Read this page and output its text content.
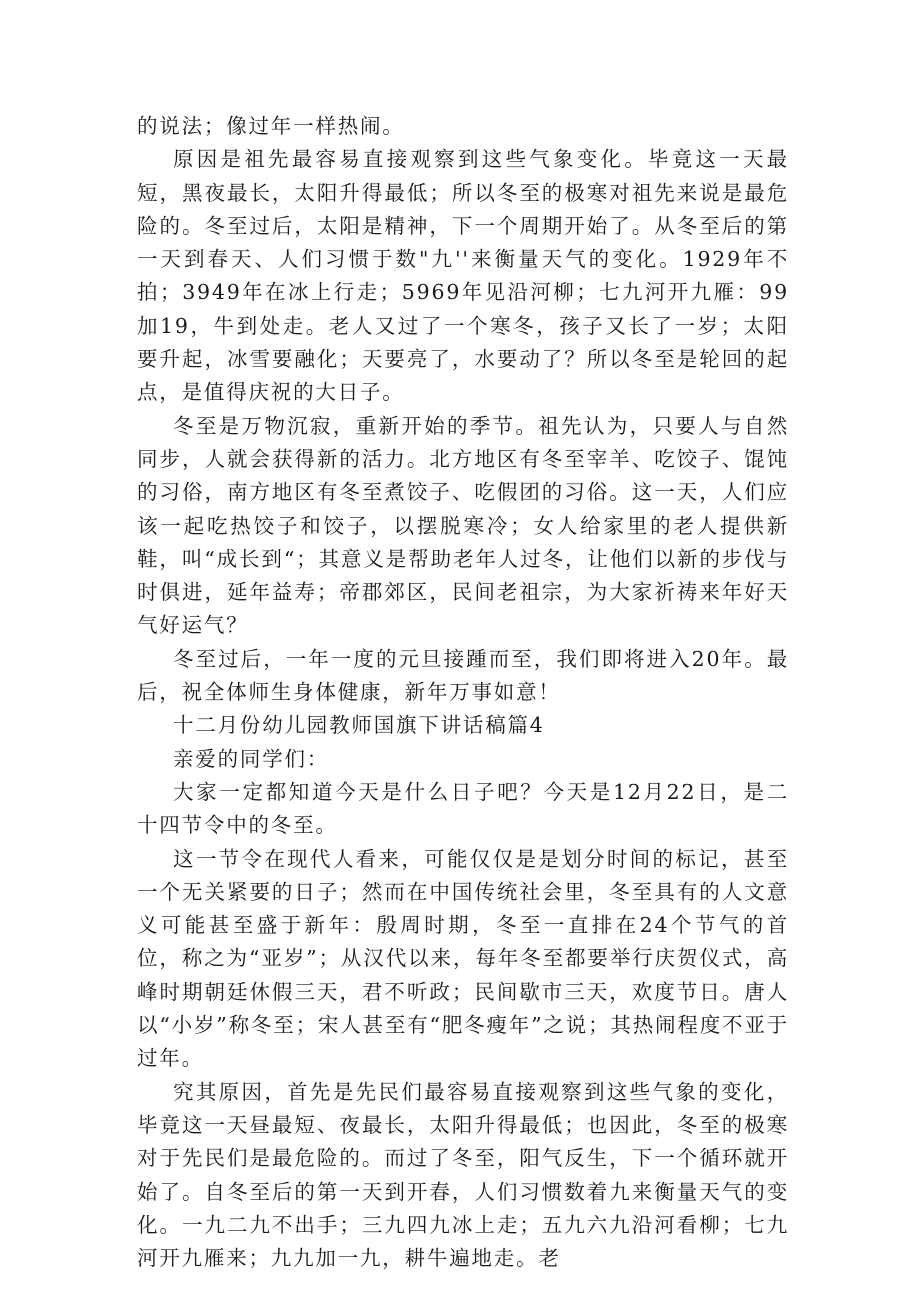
的说法；像过年一样热闹。

原因是祖先最容易直接观察到这些气象变化。毕竟这一天最短，黑夜最长，太阳升得最低；所以冬至的极寒对祖先来说是最危险的。冬至过后，太阳是精神，下一个周期开始了。从冬至后的第一天到春天、人们习惯于数"九''来衡量天气的变化。1929年不拍；3949年在冰上行走；5969年见沿河柳；七九河开九雁：99加19，牛到处走。老人又过了一个寒冬，孩子又长了一岁；太阳要升起，冰雪要融化；天要亮了，水要动了？所以冬至是轮回的起点，是值得庆祝的大日子。

冬至是万物沉寂，重新开始的季节。祖先认为，只要人与自然同步，人就会获得新的活力。北方地区有冬至宰羊、吃饺子、馄饨的习俗，南方地区有冬至煮饺子、吃假团的习俗。这一天，人们应该一起吃热饺子和饺子，以摆脱寒冷；女人给家里的老人提供新鞋，叫“成长到“；其意义是帮助老年人过冬，让他们以新的步伐与时俱进，延年益寿；帝郡郊区，民间老祖宗，为大家祈祷来年好天气好运气？

冬至过后，一年一度的元旦接踵而至，我们即将进入20年。最后，祝全体师生身体健康，新年万事如意！

十二月份幼儿园教师国旗下讲话稿篇4

亲爱的同学们：

大家一定都知道今天是什么日子吧？今天是12月22日，是二十四节令中的冬至。

这一节令在现代人看来，可能仅仅是是划分时间的标记，甚至一个无关紧要的日子；然而在中国传统社会里，冬至具有的人文意义可能甚至盛于新年：殷周时期，冬至一直排在24个节气的首位，称之为“亚岁”；从汉代以来，每年冬至都要举行庆贺仪式，高峰时期朝廷休假三天，君不听政；民间歇市三天，欢度节日。唐人以“小岁”称冬至；宋人甚至有“肥冬瘦年”之说；其热闹程度不亚于过年。

究其原因，首先是先民们最容易直接观察到这些气象的变化，毕竟这一天昼最短、夜最长，太阳升得最低；也因此，冬至的极寒对于先民们是最危险的。而过了冬至，阳气反生，下一个循环就开始了。自冬至后的第一天到开春，人们习惯数着九来衡量天气的变化。一九二九不出手；三九四九冰上走；五九六九沿河看柳；七九河开九雁来；九九加一九，耕牛遍地走。老
